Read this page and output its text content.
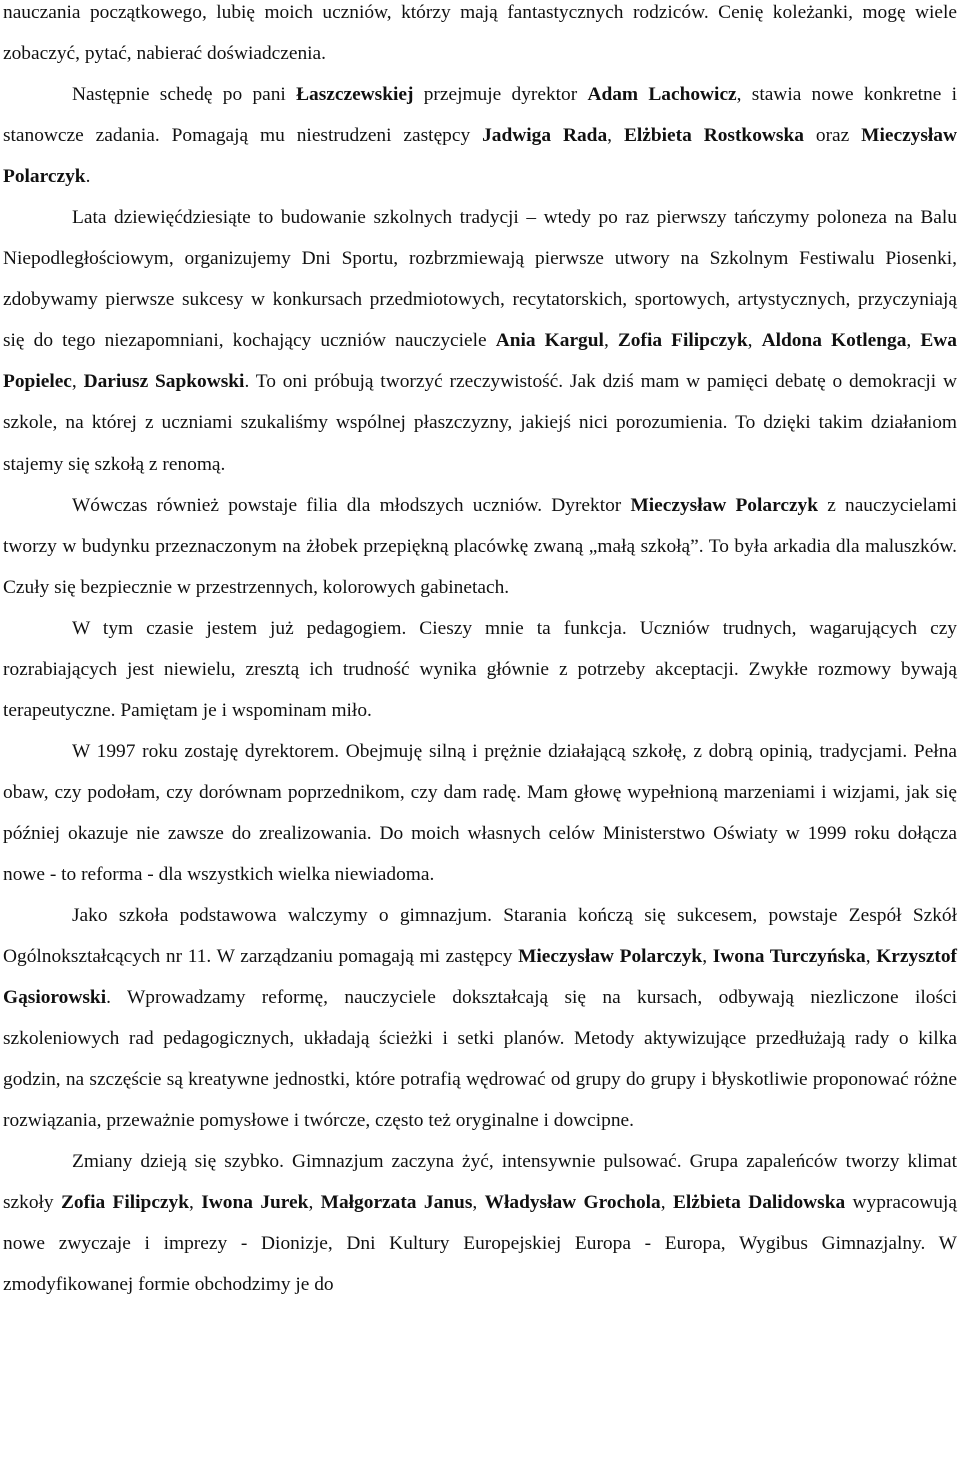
nauczania początkowego, lubię moich uczniów, którzy mają fantastycznych rodziców. Cenię koleżanki, mogę wiele zobaczyć, pytać, nabierać doświadczenia.

Następnie schedę po pani Łaszczewskiej przejmuje dyrektor Adam Lachowicz, stawia nowe konkretne i stanowcze zadania. Pomagają mu niestrudzeni zastępcy Jadwiga Rada, Elżbieta Rostkowska oraz Mieczysław Polarczyk.

Lata dziewięćdziesiąte to budowanie szkolnych tradycji – wtedy po raz pierwszy tańczymy poloneza na Balu Niepodległościowym, organizujemy Dni Sportu, rozbrzmiewają pierwsze utwory na Szkolnym Festiwalu Piosenki, zdobywamy pierwsze sukcesy w konkursach przedmiotowych, recytatorskich, sportowych, artystycznych, przyczyniają się do tego niezapomniani, kochający uczniów nauczyciele Ania Kargul, Zofia Filipczyk, Aldona Kotlenga, Ewa Popielec, Dariusz Sapkowski. To oni próbują tworzyć rzeczywistość. Jak dziś mam w pamięci debatę o demokracji w szkole, na której z uczniami szukaliśmy wspólnej płaszczyzny, jakiejś nici porozumienia. To dzięki takim działaniom stajemy się szkołą z renomą.

Wówczas również powstaje filia dla młodszych uczniów. Dyrektor Mieczysław Polarczyk z nauczycielami tworzy w budynku przeznaczonym na żłobek przepiękną placówkę zwaną „małą szkołą”. To była arkadia dla maluszków. Czuły się bezpiecznie w przestrzennych, kolorowych gabinetach.

W tym czasie jestem już pedagogiem. Cieszy mnie ta funkcja. Uczniów trudnych, wagarujących czy rozrabiających jest niewielu, zresztą ich trudność wynika głównie z potrzeby akceptacji. Zwykłe rozmowy bywają terapeutyczne. Pamiętam je i wspominam miło.

W 1997 roku zostaję dyrektorem. Obejmuję silną i prężnie działającą szkołę, z dobrą opinią, tradycjami. Pełna obaw, czy podołam, czy dorównam poprzednikom, czy dam radę. Mam głowę wypełnioną marzeniami i wizjami, jak się później okazuje nie zawsze do zrealizowania. Do moich własnych celów Ministerstwo Oświaty w 1999 roku dołącza nowe - to reforma - dla wszystkich wielka niewiadoma.

Jako szkoła podstawowa walczymy o gimnazjum. Starania kończą się sukcesem, powstaje Zespół Szkół Ogólnokształcących nr 11. W zarządzaniu pomagają mi zastępcy Mieczysław Polarczyk, Iwona Turczyńska, Krzysztof Gąsiorowski. Wprowadzamy reformę, nauczyciele dokształcają się na kursach, odbywają niezliczone ilości szkoleniowych rad pedagogicznych, układają ścieżki i setki planów. Metody aktywizujące przedłużają rady o kilka godzin, na szczęście są kreatywne jednostki, które potrafią wędrować od grupy do grupy i błyskotliwie proponować różne rozwiązania, przeważnie pomysłowe i twórcze, często też oryginalne i dowcipne.

Zmiany dzieją się szybko. Gimnazjum zaczyna żyć, intensywnie pulsować. Grupa zapaleńców tworzy klimat szkoły Zofia Filipczyk, Iwona Jurek, Małgorzata Janus, Władysław Grochola, Elżbieta Dalidowska wypracowują nowe zwyczaje i imprezy - Dionizje, Dni Kultury Europejskiej Europa - Europa, Wygibus Gimnazjalny. W zmodyfikowanej formie obchodzimy je do
